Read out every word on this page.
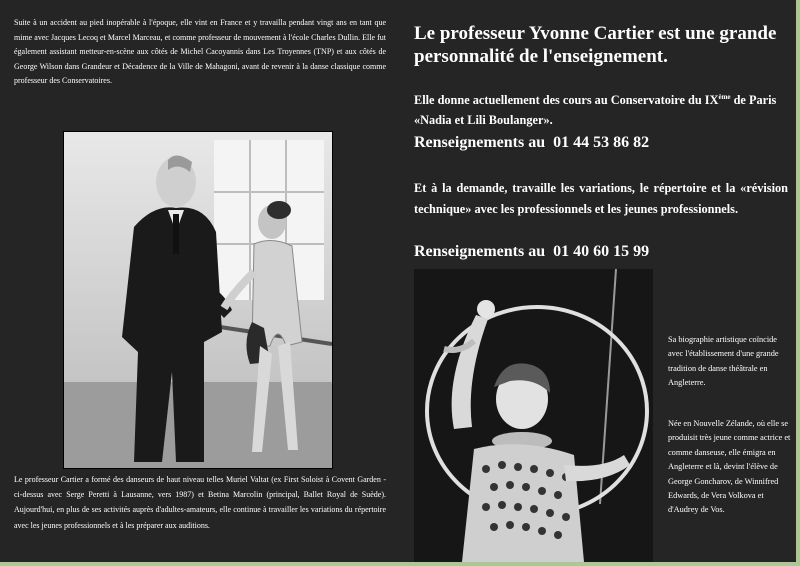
Suite à un accident au pied inopérable à l'époque, elle vint en France et y travailla pendant vingt ans en tant que mime avec Jacques Lecoq et Marcel Marceau, et comme professeur de mouvement à l'école Charles Dullin. Elle fut également assistant metteur-en-scène aux côtés de Michel Cacoyannis dans Les Troyennes (TNP) et aux côtés de George Wilson dans Grandeur et Décadence de la Ville de Mahagoni, avant de revenir à la danse classique comme professeur des Conservatoires.

Le professeur Cartier a formé des danseurs de haut niveau telles Muriel Valtat (ex First Soloist à Covent Garden - ci-dessus avec Serge Peretti à Lausanne, vers 1987) et Betina Marcolin (principal, Ballet Royal de Suède). Aujourd'hui, en plus de ses activités auprès d'adultes-amateurs, elle continue à travailler les variations du répertoire avec les jeunes professionnels et à les préparer aux auditions.

Le professeur Yvonne Cartier est une grande personnalité de l'enseignement.

Elle donne actuellement des cours au Conservatoire du IXème de Paris «Nadia et Lili Boulanger».

Renseignements au 01 44 53 86 82

Et à la demande, travaille les variations, le répertoire et la «révision technique» avec les professionnels et les jeunes professionnels.

Renseignements au 01 40 60 15 99

Sa biographie artistique coïncide avec l'établissement d'une grande tradition de danse théâtrale en Angleterre.

Née en Nouvelle Zélande, où elle se produisit très jeune comme actrice et comme danseuse, elle émigra en Angleterre et là, devint l'élève de George Goncharov, de Winnifred Edwards, de Vera Volkova et d'Audrey de Vos.
